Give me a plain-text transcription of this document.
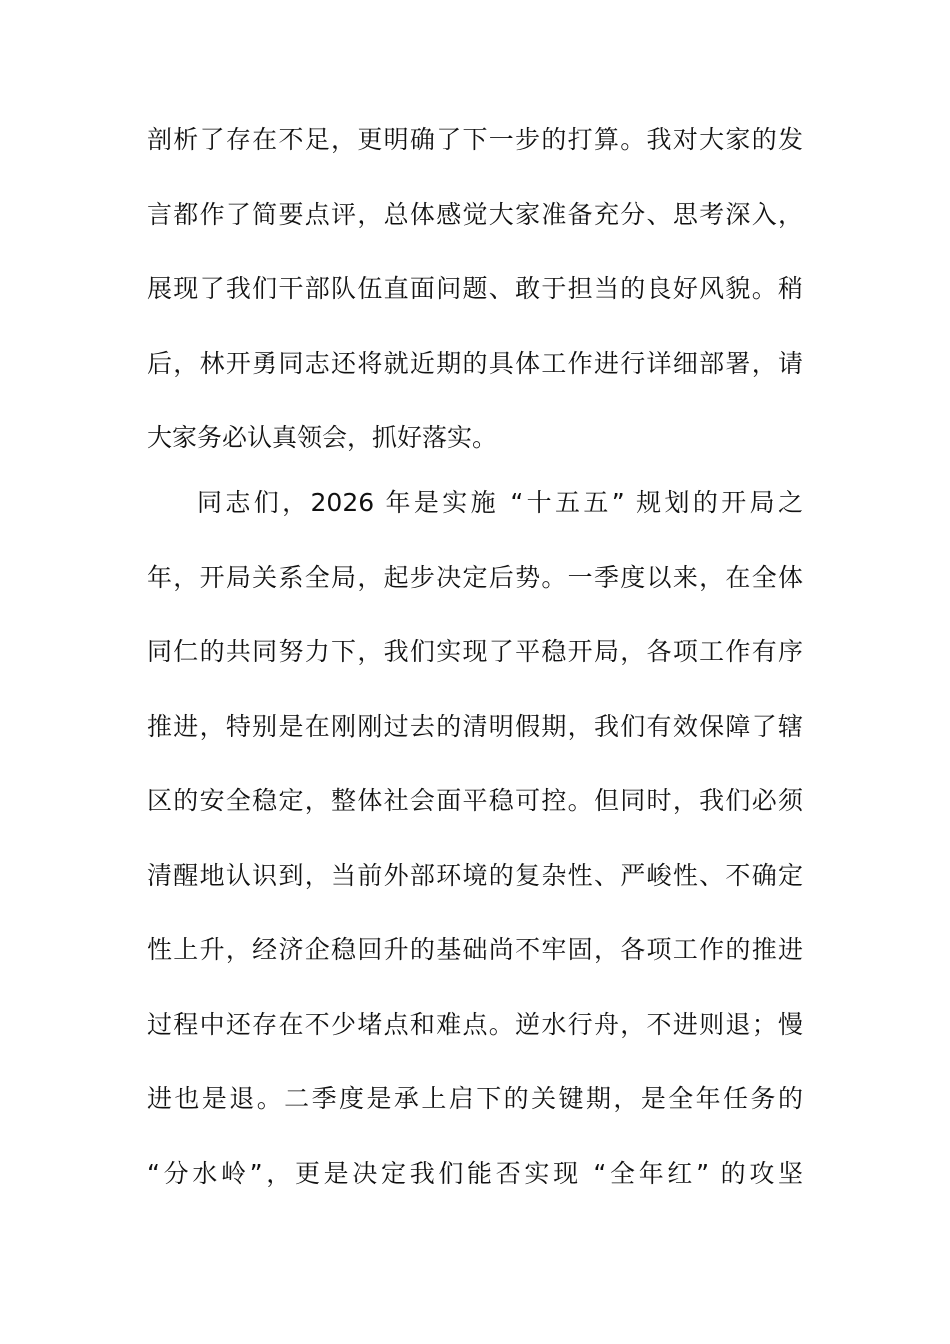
剖析了存在不足，更明确了下一步的打算。我对大家的发
言都作了简要点评，总体感觉大家准备充分、思考深入，
展现了我们干部队伍直面问题、敢于担当的良好风貌。稍
后，林开勇同志还将就近期的具体工作进行详细部署，请
大家务必认真领会，抓好落实。
同志们，2026 年是实施 “十五五” 规划的开局之
年，开局关系全局，起步决定后势。一季度以来，在全体
同仁的共同努力下，我们实现了平稳开局，各项工作有序
推进，特别是在刚刚过去的清明假期，我们有效保障了辖
区的安全稳定，整体社会面平稳可控。但同时，我们必须
清醒地认识到，当前外部环境的复杂性、严峻性、不确定
性上升，经济企稳回升的基础尚不牢固，各项工作的推进
过程中还存在不少堵点和难点。逆水行舟，不进则退；慢
进也是退。二季度是承上启下的关键期，是全年任务的
“分水岭”，更是决定我们能否实现 “全年红” 的攻坚
